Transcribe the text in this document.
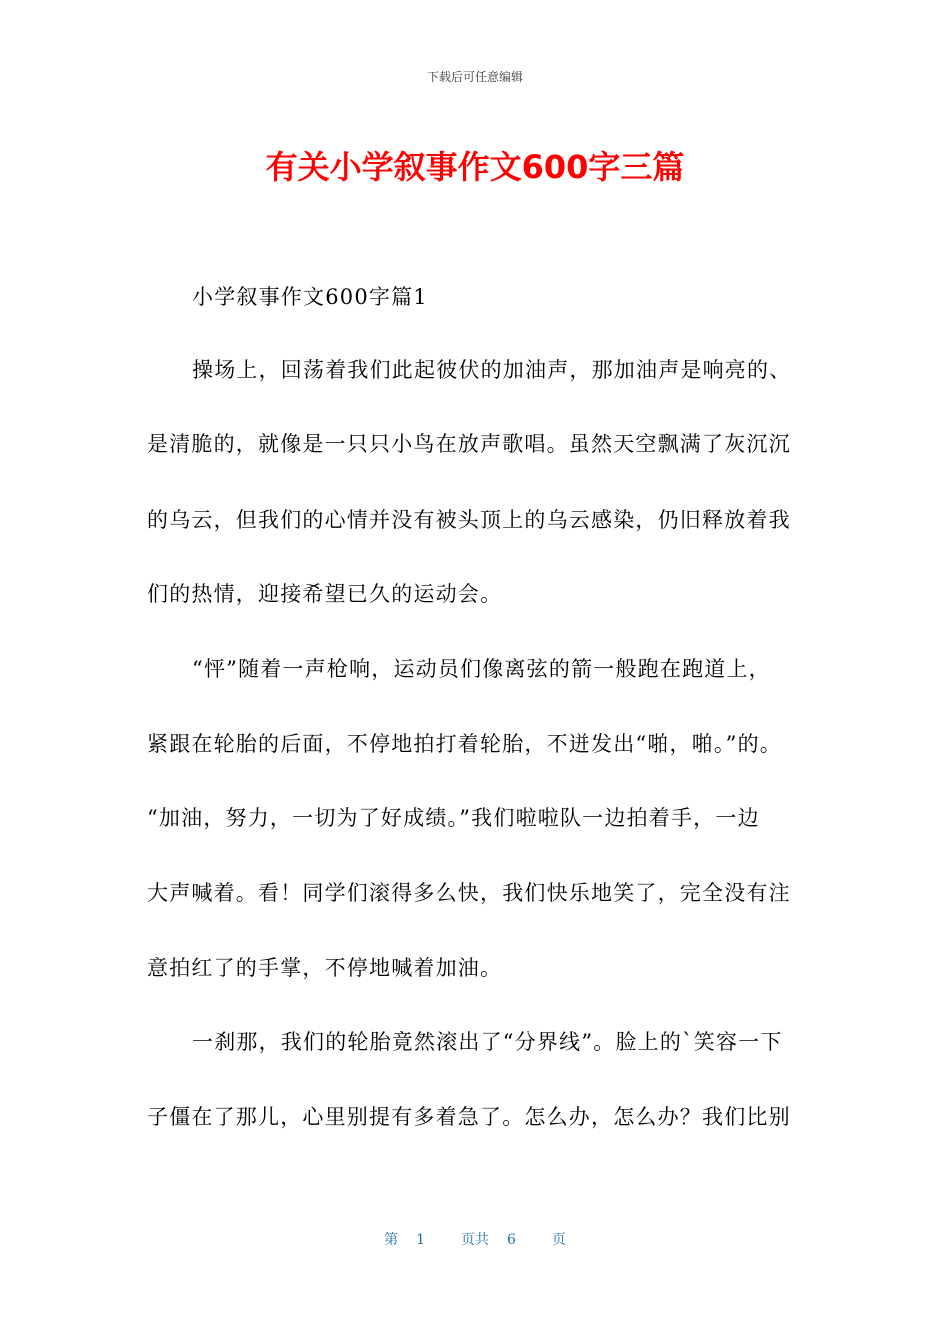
下载后可任意编辑
有关小学叙事作文600字三篇
小学叙事作文600字篇1
操场上，回荡着我们此起彼伏的加油声，那加油声是响亮的、
是清脆的，就像是一只只小鸟在放声歌唱。虽然天空飘满了灰沉沉
的乌云，但我们的心情并没有被头顶上的乌云感染，仍旧释放着我
们的热情，迎接希望已久的运动会。
“怦”随着一声枪响，运动员们像离弦的箭一般跑在跑道上，
紧跟在轮胎的后面，不停地拍打着轮胎，不迸发出“啪，啪。”的。
“加油，努力，一切为了好成绩。”我们啦啦队一边拍着手，一边
大声喊着。看！同学们滚得多么快，我们快乐地笑了，完全没有注
意拍红了的手掌，不停地喊着加油。
一刹那，我们的轮胎竟然滚出了“分界线”。脸上的`笑容一下
子僵在了那儿，心里别提有多着急了。怎么办，怎么办？我们比别
第 1	页共 6	页
